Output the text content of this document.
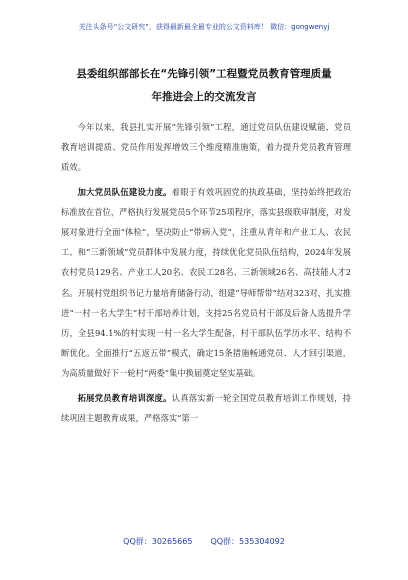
关注头条号“公文研究”，获得最新最全最专业的公文资料库！ 微信：gongwenyj
县委组织部部长在“先锋引领”工程暨党员教育管理质量
年推进会上的交流发言

今年以来，我县扎实开展“先锋引领”工程，通过党员队伍建设赋能、党员教育培训提质、党员作用发挥增效三个维度精准施策，着力提升党员教育管理质效。

加大党员队伍建设力度。着眼于有效巩固党的执政基础，坚持始终把政治标准放在首位，严格执行发展党员5个环节25项程序，落实县级联审制度，对发展对象进行全面“体检”，坚决防止“带病入党”，注重从青年和产业工人、农民工、和“三新领域”党员群体中发展力度，持续优化党员队伍结构，2024年发展农村党员129名、产业工人20名、农民工28名、三新领域26名、高技能人才2名。开展村党组织书记力量培育储备行动，组建“导师帮带”结对323对，扎实推进“一村一名大学生”村干部培养计划，支持25名党员村干部及后备人选提升学历，全县94.1%的村实现一村一名大学生配备，村干部队伍学历水平、结构不断优化。全面推行“五返五带”模式，确定15条措施畅通党员、人才回引渠道，为高质量做好下一轮村“两委”集中换届奠定坚实基础。

拓展党员教育培训深度。认真落实新一轮全国党员教育培训工作规划，持续巩固主题教育成果，严格落实“第一

QQ群：30265665 QQ群：535304092
